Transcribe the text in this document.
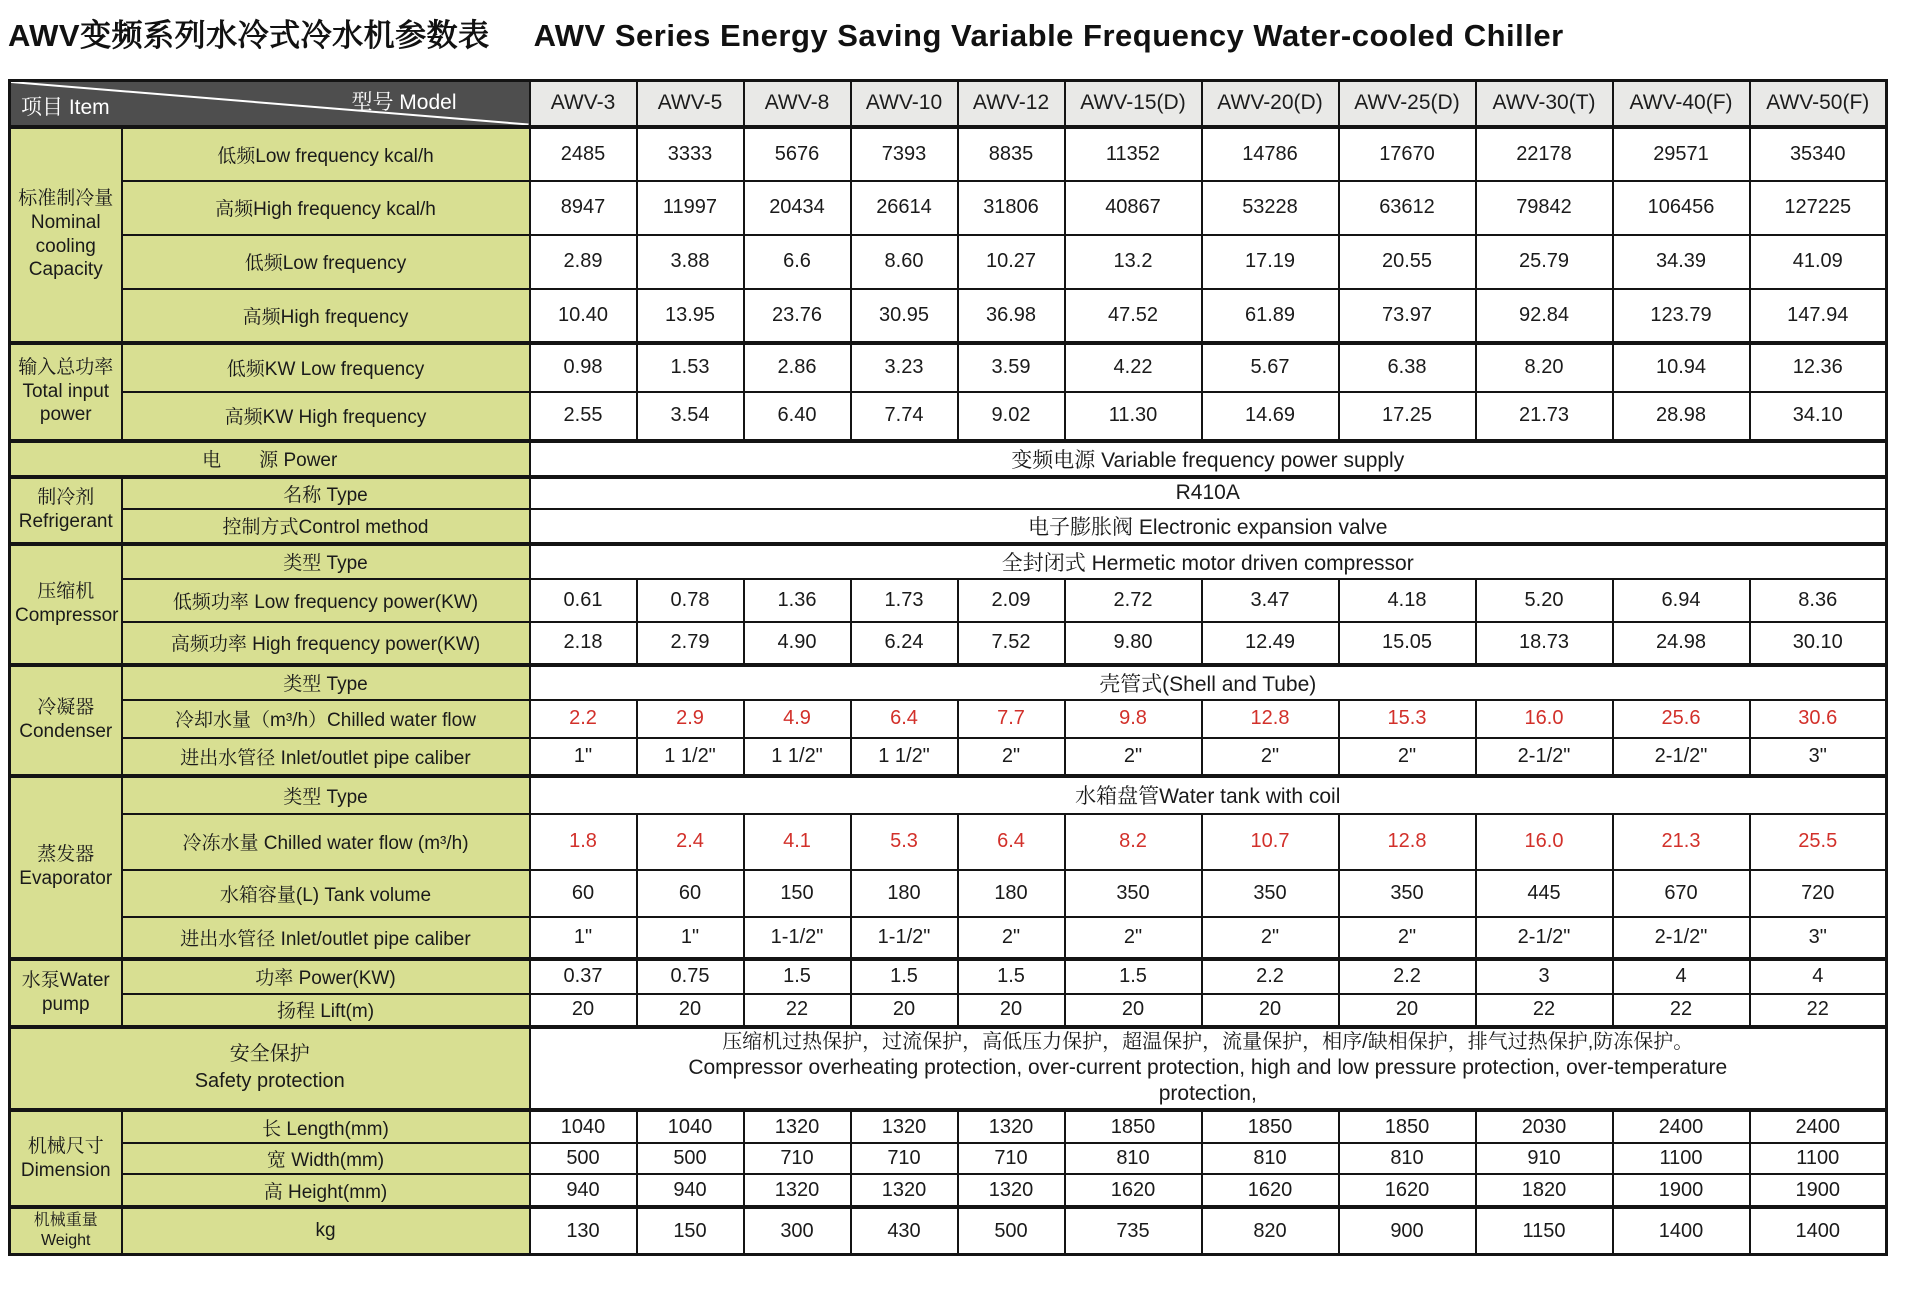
AWV变频系列水冷式冷水机参数表 AWV Series Energy Saving Variable Frequency Water-cooled Chiller
型号 Model
项目 Item		AWV-3	AWV-5	AWV-8	AWV-10	AWV-12	AWV-15(D)	AWV-20(D)	AWV-25(D)	AWV-30(T)	AWV-40(F)	AWV-50(F)
标准制冷量 Nominal cooling Capacity	低频Low frequency kcal/h	2485	3333	5676	7393	8835	11352	14786	17670	22178	29571	35340
	高频High frequency kcal/h	8947	11997	20434	26614	31806	40867	53228	63612	79842	106456	127225
	低频Low frequency	2.89	3.88	6.6	8.60	10.27	13.2	17.19	20.55	25.79	34.39	41.09
	高频High frequency	10.40	13.95	23.76	30.95	36.98	47.52	61.89	73.97	92.84	123.79	147.94
输入总功率 Total input power	低频KW Low frequency	0.98	1.53	2.86	3.23	3.59	4.22	5.67	6.38	8.20	10.94	12.36
	高频KW High frequency	2.55	3.54	6.40	7.74	9.02	11.30	14.69	17.25	21.73	28.98	34.10
电　　源 Power		变频电源 Variable frequency power supply										
制冷剂 Refrigerant	名称 Type	R410A										
	控制方式Control method	电子膨胀阀 Electronic expansion valve										
压缩机 Compressor	类型 Type	全封闭式 Hermetic motor driven compressor										
	低频功率 Low frequency power(KW)	0.61	0.78	1.36	1.73	2.09	2.72	3.47	4.18	5.20	6.94	8.36
	高频功率 High frequency power(KW)	2.18	2.79	4.90	6.24	7.52	9.80	12.49	15.05	18.73	24.98	30.10
冷凝器 Condenser	类型 Type	壳管式(Shell and Tube)										
	冷却水量（m³/h）Chilled water flow	2.2	2.9	4.9	6.4	7.7	9.8	12.8	15.3	16.0	25.6	30.6
	进出水管径 Inlet/outlet pipe caliber	1"	1 1/2"	1 1/2"	1 1/2"	2"	2"	2"	2"	2-1/2"	2-1/2"	3"
蒸发器 Evaporator	类型 Type	水箱盘管Water tank with coil										
	冷冻水量 Chilled water flow (m³/h)	1.8	2.4	4.1	5.3	6.4	8.2	10.7	12.8	16.0	21.3	25.5
	水箱容量(L) Tank volume	60	60	150	180	180	350	350	350	445	670	720
	进出水管径 Inlet/outlet pipe caliber	1"	1"	1-1/2"	1-1/2"	2"	2"	2"	2"	2-1/2"	2-1/2"	3"
水泵Water pump	功率 Power(KW)	0.37	0.75	1.5	1.5	1.5	1.5	2.2	2.2	3	4	4
	扬程 Lift(m)	20	20	22	20	20	20	20	20	22	22	22

安全保护
Safety protection

压缩机过热保护，过流保护，高低压力保护，超温保护，流量保护，相序/缺相保护，排气过热保护,防冻保护。
Compressor overheating protection, over-current protection, high and low pressure protection, over-temperature
protection,

机械尺寸 Dimension	长 Length(mm)	1040	1040	1320	1320	1320	1850	1850	1850	2030	2400	2400
	宽 Width(mm)	500	500	710	710	710	810	810	810	910	1100	1100
	高 Height(mm)	940	940	1320	1320	1320	1620	1620	1620	1820	1900	1900
机械重量Weight	kg	130	150	300	430	500	735	820	900	1150	1400	1400
